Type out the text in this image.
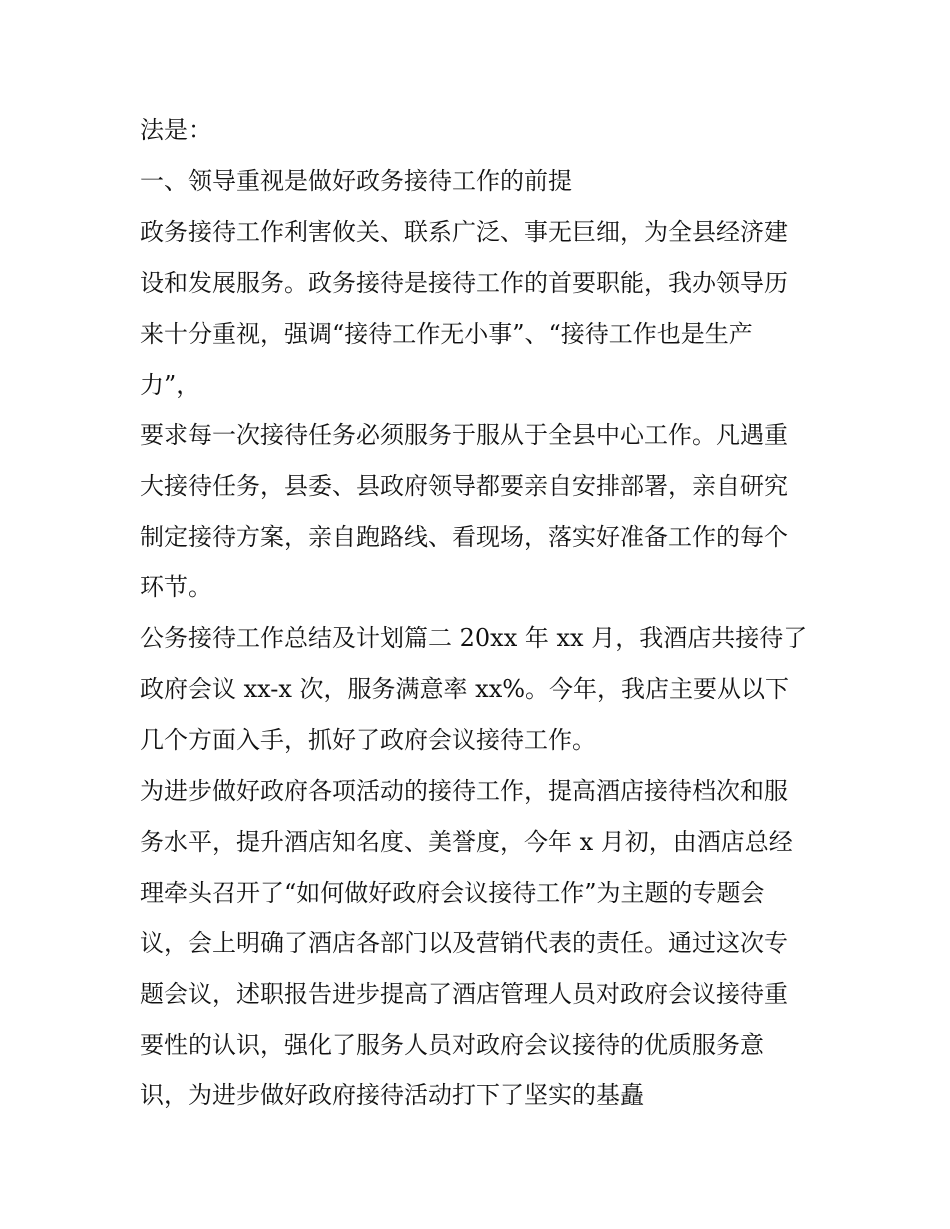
法是：
一、领导重视是做好政务接待工作的前提
政务接待工作利害攸关、联系广泛、事无巨细，为全县经济建
设和发展服务。政务接待是接待工作的首要职能，我办领导历
来十分重视，强调“接待工作无小事”、“接待工作也是生产
力”，
要求每一次接待任务必须服务于服从于全县中心工作。凡遇重
大接待任务，县委、县政府领导都要亲自安排部署，亲自研究
制定接待方案，亲自跑路线、看现场，落实好准备工作的每个
环节。
公务接待工作总结及计划篇二 20xx 年 xx 月，我酒店共接待了
政府会议 xx-x 次，服务满意率 xx%。今年，我店主要从以下
几个方面入手，抓好了政府会议接待工作。
为进步做好政府各项活动的接待工作，提高酒店接待档次和服
务水平，提升酒店知名度、美誉度，今年 x 月初，由酒店总经
理牵头召开了“如何做好政府会议接待工作”为主题的专题会
议，会上明确了酒店各部门以及营销代表的责任。通过这次专
题会议，述职报告进步提高了酒店管理人员对政府会议接待重
要性的认识，强化了服务人员对政府会议接待的优质服务意
识，为进步做好政府接待活动打下了坚实的基矗
